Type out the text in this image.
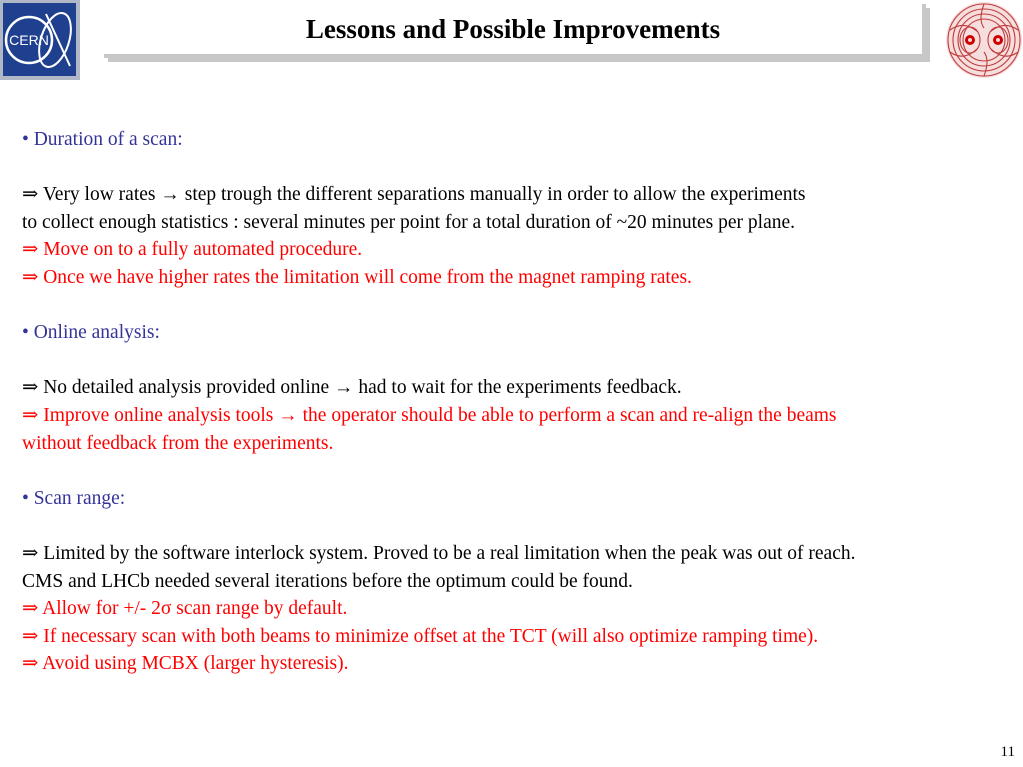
CERN	Lessons and Possible Improvements
• Duration of a scan:
⇒ Very low rates → step trough the different separations manually in order to allow the experiments
to collect enough statistics : several minutes per point for a total duration of ~20 minutes per plane.
⇒ Move on to a fully automated procedure.
⇒ Once we have higher rates the limitation will come from the magnet ramping rates.
• Online analysis:
⇒ No detailed analysis provided online → had to wait for the experiments feedback.
⇒ Improve online analysis tools → the operator should be able to perform a scan and re-align the beams
without feedback from the experiments.
• Scan range:
⇒ Limited by the software interlock system. Proved to be a real limitation when the peak was out of reach.
CMS and LHCb needed several iterations before the optimum could be found.
⇒ Allow for +/- 2σ scan range by default.
⇒ If necessary scan with both beams to minimize offset at the TCT (will also optimize ramping time).
⇒ Avoid using MCBX (larger hysteresis).
11
